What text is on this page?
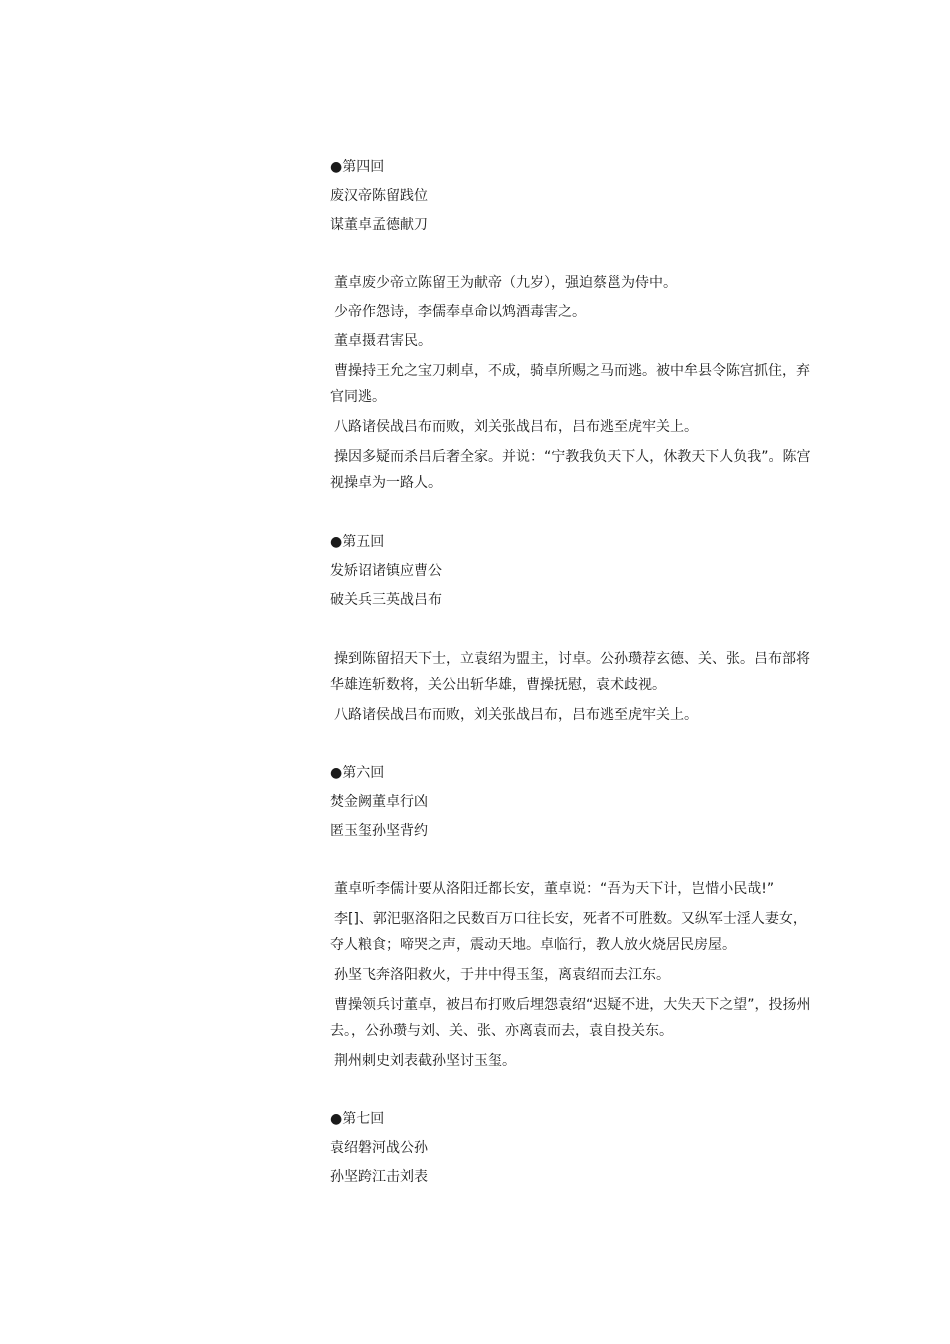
●第四回
废汉帝陈留践位
谋董卓孟德献刀
董卓废少帝立陈留王为献帝（九岁），强迫蔡邕为侍中。
少帝作怨诗，李儒奉卓命以鸩酒毒害之。
董卓摄君害民。
曹操持王允之宝刀刺卓，不成，骑卓所赐之马而逃。被中牟县令陈宫抓住，弃官同逃。
八路诸侯战吕布而败，刘关张战吕布，吕布逃至虎牢关上。
操因多疑而杀吕后奢全家。并说：“宁教我负天下人，休教天下人负我”。陈宫视操卓为一路人。
●第五回
发矫诏诸镇应曹公
破关兵三英战吕布
操到陈留招天下士，立袁绍为盟主，讨卓。公孙瓒荐玄德、关、张。吕布部将华雄连斩数将，关公出斩华雄，曹操抚慰，袁术歧视。
八路诸侯战吕布而败，刘关张战吕布，吕布逃至虎牢关上。
●第六回
焚金阙董卓行凶
匿玉玺孙坚背约
董卓听李儒计要从洛阳迁都长安，董卓说：“吾为天下计，岂惜小民哉!”
李[]、郭汜驱洛阳之民数百万口往长安，死者不可胜数。又纵军士淫人妻女，夺人粮食；啼哭之声，震动天地。卓临行，教人放火烧居民房屋。
孙坚飞奔洛阳救火，于井中得玉玺，离袁绍而去江东。
曹操领兵讨董卓，被吕布打败后埋怨袁绍“迟疑不进，大失天下之望”，投扬州去。，公孙瓒与刘、关、张、亦离袁而去，袁自投关东。
荆州刺史刘表截孙坚讨玉玺。
●第七回
袁绍磐河战公孙
孙坚跨江击刘表
